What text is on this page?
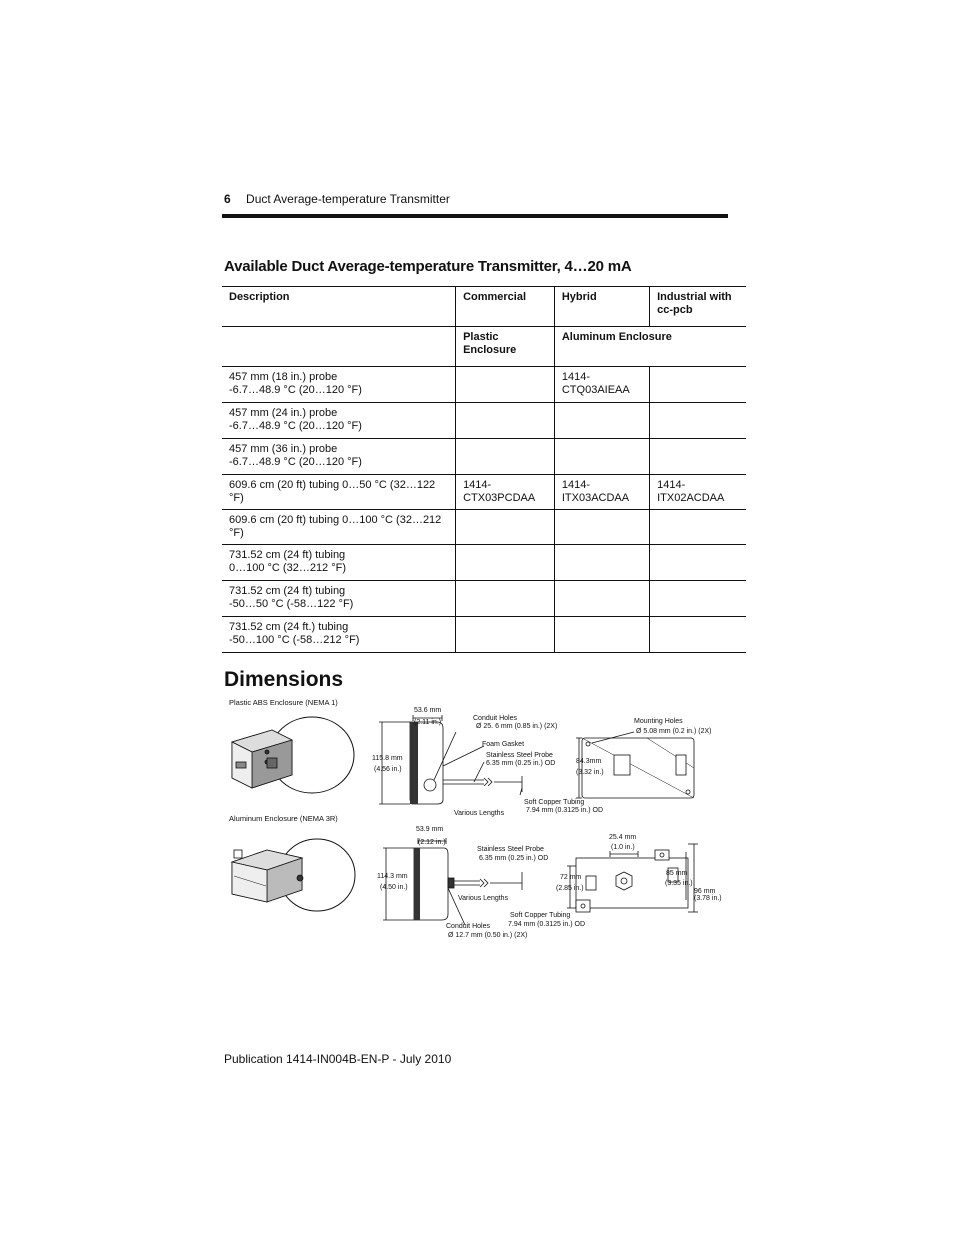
6 Duct Average-temperature Transmitter
Available Duct Average-temperature Transmitter, 4…20 mA
Description	Commercial	Hybrid	Industrial with cc-pcb
	Plastic Enclosure	Aluminum Enclosure	

457 mm (18 in.) probe
-6.7…48.9 °C (20…120 °F)		1414-CTQ03AIEAA	

457 mm (24 in.) probe
-6.7…48.9 °C (20…120 °F)			

457 mm (36 in.) probe
-6.7…48.9 °C (20…120 °F)			

609.6 cm (20 ft) tubing 0…50 °C (32…122 °F)	1414-CTX03PCDAA	1414-ITX03ACDAA	1414-ITX02ACDAA

609.6 cm (20 ft) tubing 0…100 °C (32…212 °F)			

731.52 cm (24 ft) tubing
0…100 °C (32…212 °F)			

731.52 cm (24 ft) tubing
-50…50 °C (-58…122 °F)			

731.52 cm (24 ft.) tubing
-50…100 °C (-58…212 °F)			

Dimensions
Plastic ABS Enclosure (NEMA 1)
Aluminum Enclosure (NEMA 3R)
53.6 mm
(2.11 in.)
115.8 mm
(4.56 in.)
Conduit Holes
Ø 25. 6 mm (0.85 in.) (2X)
Foam Gasket
Stainless Steel Probe
6.35 mm (0.25 in.) OD
Various Lengths
Soft Copper Tubing
7.94 mm (0.3125 in.) OD
Mounting Holes
Ø 5.08 mm (0.2 in.) (2X)
84.3mm
(3.32 in.)
53.9 mm
(2.12 in.)
114.3 mm
(4.50 in.)
Stainless Steel Probe
6.35 mm (0.25 in.) OD
Various Lengths
Soft Copper Tubing
7.94 mm (0.3125 in.) OD
Conduit Holes
Ø 12.7 mm (0.50 in.) (2X)
25.4 mm
(1.0 in.)
72 mm
(2.85 in.)
85 mm
(3.35 in.)
96 mm
(3.78 in.)
Publication 1414-IN004B-EN-P - July 2010
